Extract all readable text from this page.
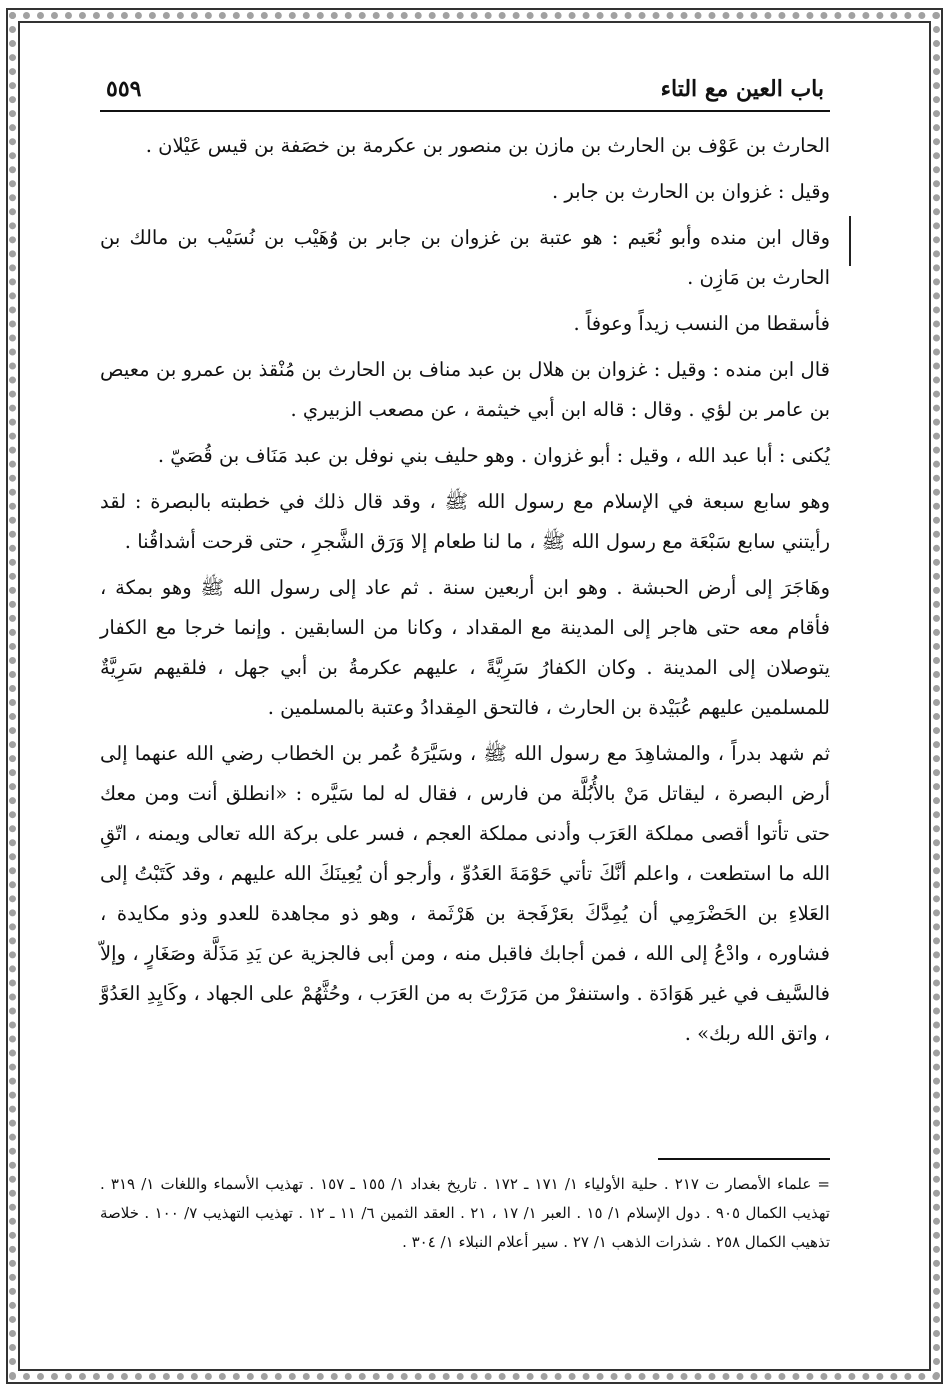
باب العين مع التاء
٥٥٩

الحارث بن عَوْف بن الحارث بن مازن بن منصور بن عكرمة بن خصَفة بن قيس عَيْلان .

وقيل : غزوان بن الحارث بن جابر .

وقال ابن منده وأبو نُعَيم : هو عتبة بن غزوان بن جابر بن وُهَيْب بن نُسَيْب بن مالك بن الحارث بن مَازِن .

فأسقطا من النسب زيداً وعوفاً .

قال ابن منده : وقيل : غزوان بن هلال بن عبد مناف بن الحارث بن مُنْقذ بن عمرو بن معيص بن عامر بن لؤي . وقال : قاله ابن أبي خيثمة ، عن مصعب الزبيري .

يُكنى : أبا عبد الله ، وقيل : أبو غزوان . وهو حليف بني نوفل بن عبد مَنَاف بن قُصَيّ .

وهو سابع سبعة في الإسلام مع رسول الله ﷺ ، وقد قال ذلك في خطبته بالبصرة : لقد رأيتني سابع سَبْعَة مع رسول الله ﷺ ، ما لنا طعام إلا وَرَق الشَّجرِ ، حتى قرحت أشداقُنا .

وهَاجَرَ إلى أرض الحبشة . وهو ابن أربعين سنة . ثم عاد إلى رسول الله ﷺ وهو بمكة ، فأقام معه حتى هاجر إلى المدينة مع المقداد ، وكانا من السابقين . وإنما خرجا مع الكفار يتوصلان إلى المدينة . وكان الكفارُ سَرِيَّةً ، عليهم عكرمةُ بن أبي جهل ، فلقيهم سَرِيَّةٌ للمسلمين عليهم عُبَيْدة بن الحارث ، فالتحق المِقدادُ وعتبة بالمسلمين .

ثم شهد بدراً ، والمشاهِدَ مع رسول الله ﷺ ، وسَيَّرَهُ عُمر بن الخطاب رضي الله عنهما إلى أرض البصرة ، ليقاتل مَنْ بالأُبُلَّة من فارس ، فقال له لما سَيَّره : «انطلق أنت ومن معك حتى تأتوا أقصى مملكة العَرَب وأدنى مملكة العجم ، فسر على بركة الله تعالى ويمنه ، اتّقِ الله ما استطعت ، واعلم أنَّكَ تأتي حَوْمَةَ العَدُوِّ ، وأرجو أن يُعِينَكَ الله عليهم ، وقد كَتَبْتُ إلى العَلاءِ بن الحَضْرَمِي أن يُمِدَّكَ بعَرْفَجة بن هَرْثَمة ، وهو ذو مجاهدة للعدو وذو مكايدة ، فشاوره ، وادْعُ إلى الله ، فمن أجابك فاقبل منه ، ومن أبى فالجزية عن يَدِ مَذَلَّة وصَغَارٍ ، وإلاّ فالسَّيف في غير هَوَادَة . واستنفرْ من مَرَرْتَ به من العَرَب ، وحُثَّهُمْ على الجهاد ، وكَايِدِ العَدُوَّ ، واتق الله ربك» .

= علماء الأمصار ت ٢١٧ . حلية الأولياء ١/ ١٧١ ـ ١٧٢ . تاريخ بغداد ١/ ١٥٥ ـ ١٥٧ . تهذيب الأسماء واللغات ١/ ٣١٩ . تهذيب الكمال ٩٠٥ . دول الإسلام ١/ ١٥ . العبر ١/ ١٧ ، ٢١ . العقد الثمين ٦/ ١١ ـ ١٢ . تهذيب التهذيب ٧/ ١٠٠ . خلاصة تذهيب الكمال ٢٥٨ . شذرات الذهب ١/ ٢٧ . سير أعلام النبلاء ١/ ٣٠٤ .
